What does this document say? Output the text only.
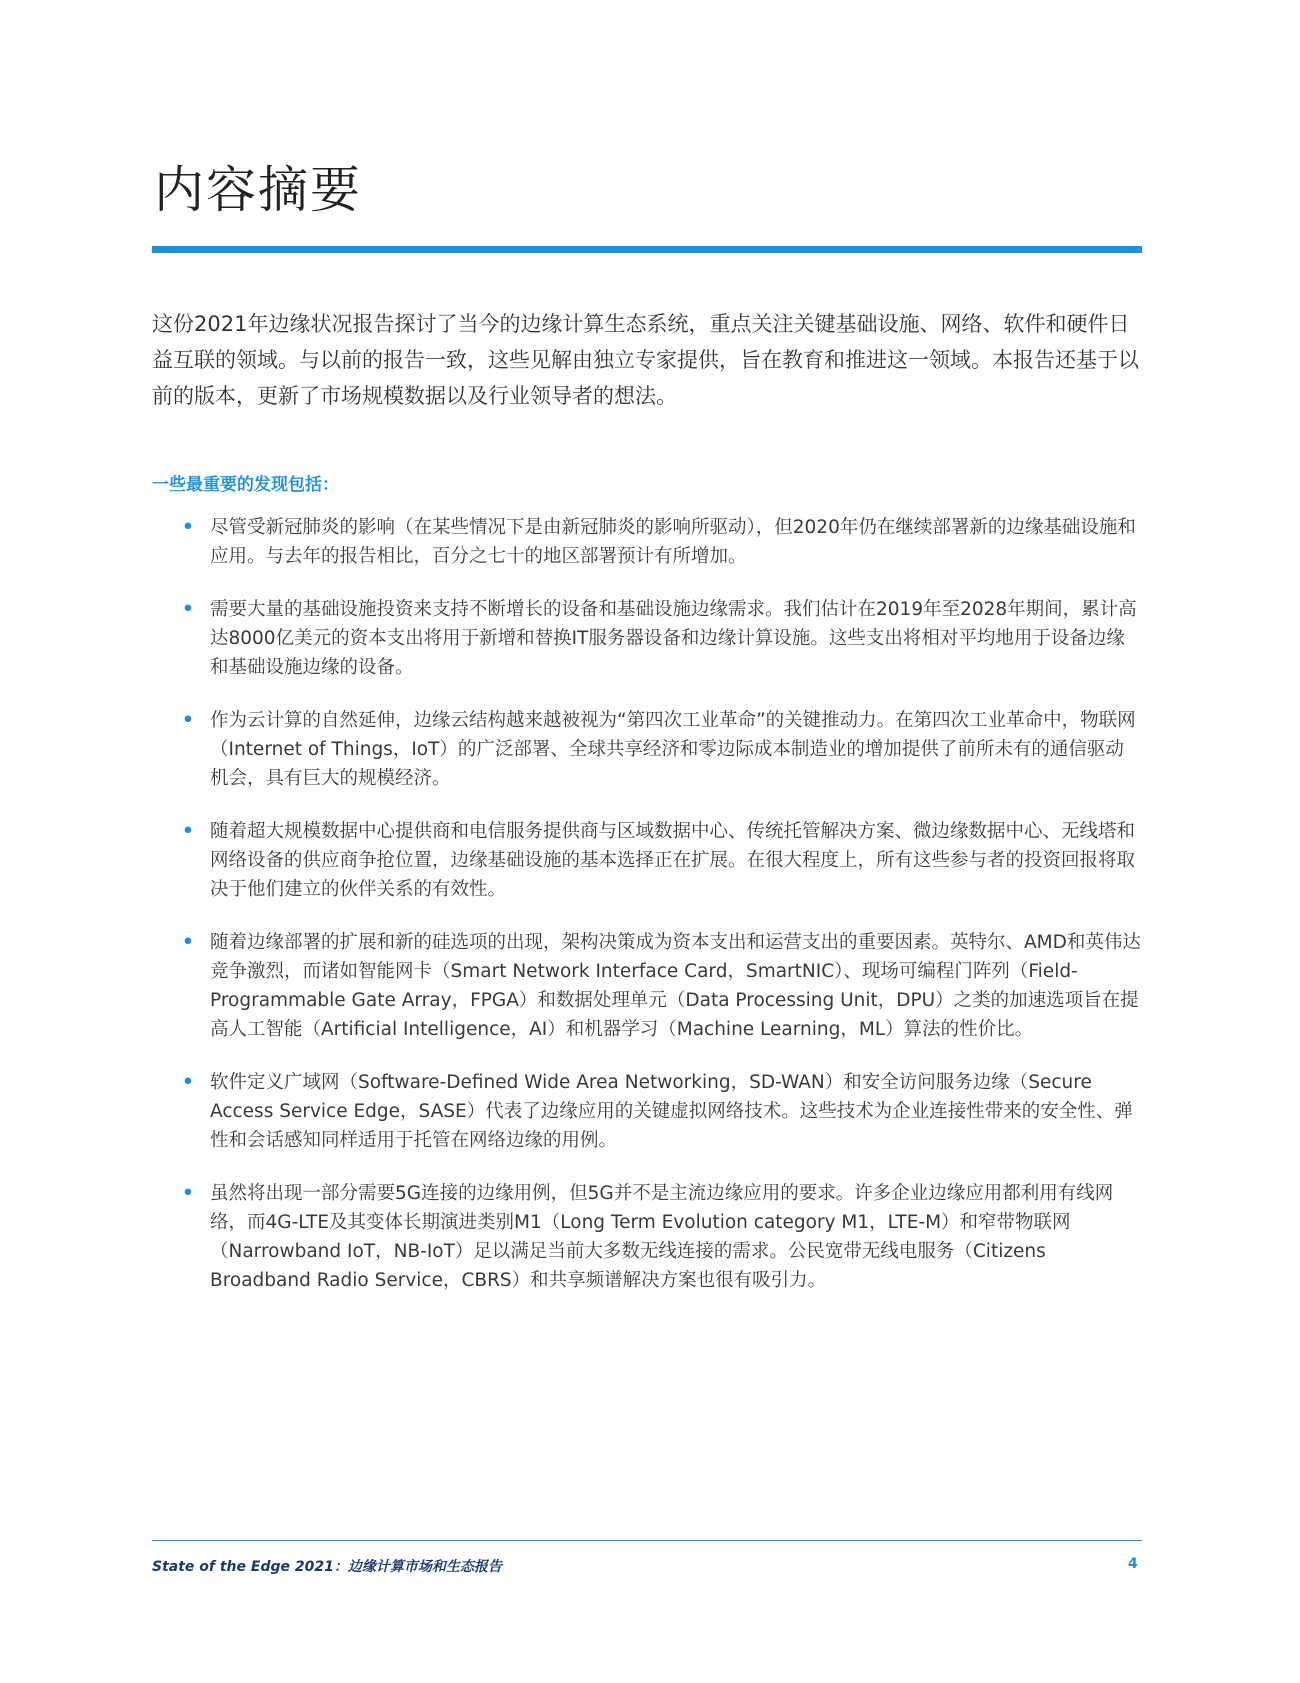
内容摘要

这份2021年边缘状况报告探讨了当今的边缘计算生态系统，重点关注关键基础设施、网络、软件和硬件日益互联的领域。与以前的报告一致，这些见解由独立专家提供，旨在教育和推进这一领域。本报告还基于以前的版本，更新了市场规模数据以及行业领导者的想法。

一些最重要的发现包括：
• 尽管受新冠肺炎的影响（在某些情况下是由新冠肺炎的影响所驱动），但2020年仍在继续部署新的边缘基础设施和应用。与去年的报告相比，百分之七十的地区部署预计有所增加。
• 需要大量的基础设施投资来支持不断增长的设备和基础设施边缘需求。我们估计在2019年至2028年期间，累计高达8000亿美元的资本支出将用于新增和替换IT服务器设备和边缘计算设施。这些支出将相对平均地用于设备边缘和基础设施边缘的设备。
• 作为云计算的自然延伸，边缘云结构越来越被视为“第四次工业革命”的关键推动力。在第四次工业革命中，物联网（Internet of Things，IoT）的广泛部署、全球共享经济和零边际成本制造业的增加提供了前所未有的通信驱动机会，具有巨大的规模经济。
• 随着超大规模数据中心提供商和电信服务提供商与区域数据中心、传统托管解决方案、微边缘数据中心、无线塔和网络设备的供应商争抢位置，边缘基础设施的基本选择正在扩展。在很大程度上，所有这些参与者的投资回报将取决于他们建立的伙伴关系的有效性。
• 随着边缘部署的扩展和新的硅选项的出现，架构决策成为资本支出和运营支出的重要因素。英特尔、AMD和英伟达竞争激烈，而诸如智能网卡（Smart Network Interface Card，SmartNIC）、现场可编程门阵列（Field-Programmable Gate Array，FPGA）和数据处理单元（Data Processing Unit，DPU）之类的加速选项旨在提高人工智能（Artificial Intelligence，AI）和机器学习（Machine Learning，ML）算法的性价比。
• 软件定义广域网（Software-Defined Wide Area Networking，SD-WAN）和安全访问服务边缘（Secure Access Service Edge，SASE）代表了边缘应用的关键虚拟网络技术。这些技术为企业连接性带来的安全性、弹性和会话感知同样适用于托管在网络边缘的用例。
• 虽然将出现一部分需要5G连接的边缘用例，但5G并不是主流边缘应用的要求。许多企业边缘应用都利用有线网络，而4G-LTE及其变体长期演进类别M1（Long Term Evolution category M1，LTE-M）和窄带物联网（Narrowband IoT，NB-IoT）足以满足当前大多数无线连接的需求。公民宽带无线电服务（Citizens Broadband Radio Service，CBRS）和共享频谱解决方案也很有吸引力。
State of the Edge 2021：边缘计算市场和生态报告	4
